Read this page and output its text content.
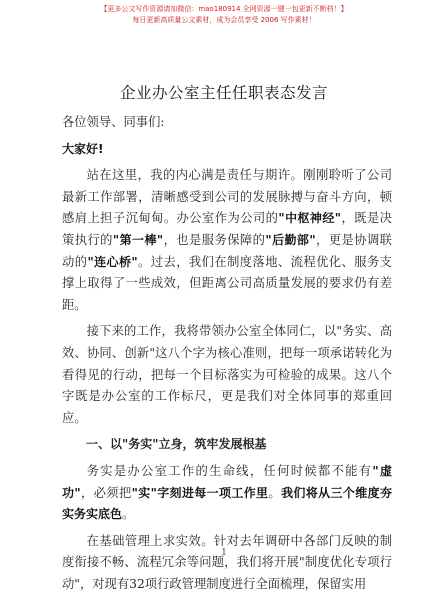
【更多公文写作资源请加微信：mao180914 全网资源一键一包更新不断档！】
每日更新高质量公文素材，成为会员享受 2006 写作素材！
企业办公室主任任职表态发言

各位领导、同事们:

大家好!

站在这里，我的内心满是责任与期许。刚刚聆听了公司最新工作部署，清晰感受到公司的发展脉搏与奋斗方向，顿感肩上担子沉甸甸。办公室作为公司的"中枢神经"，既是决策执行的"第一棒"，也是服务保障的"后勤部"，更是协调联动的"连心桥"。过去，我们在制度落地、流程优化、服务支撑上取得了一些成效，但距离公司高质量发展的要求仍有差距。

接下来的工作，我将带领办公室全体同仁，以"务实、高效、协同、创新"这八个字为核心准则，把每一项承诺转化为看得见的行动，把每一个目标落实为可检验的成果。这八个字既是办公室的工作标尺，更是我们对全体同事的郑重回应。

一、以"务实"立身，筑牢发展根基

务实是办公室工作的生命线，任何时候都不能有"虚功"，必须把"实"字刻进每一项工作里。我们将从三个维度夯实务实底色。

在基础管理上求实效。针对去年调研中各部门反映的制度衔接不畅、流程冗余等问题，我们将开展"制度优化专项行动"，对现有32项行政管理制度进行全面梳理，保留实用

1
